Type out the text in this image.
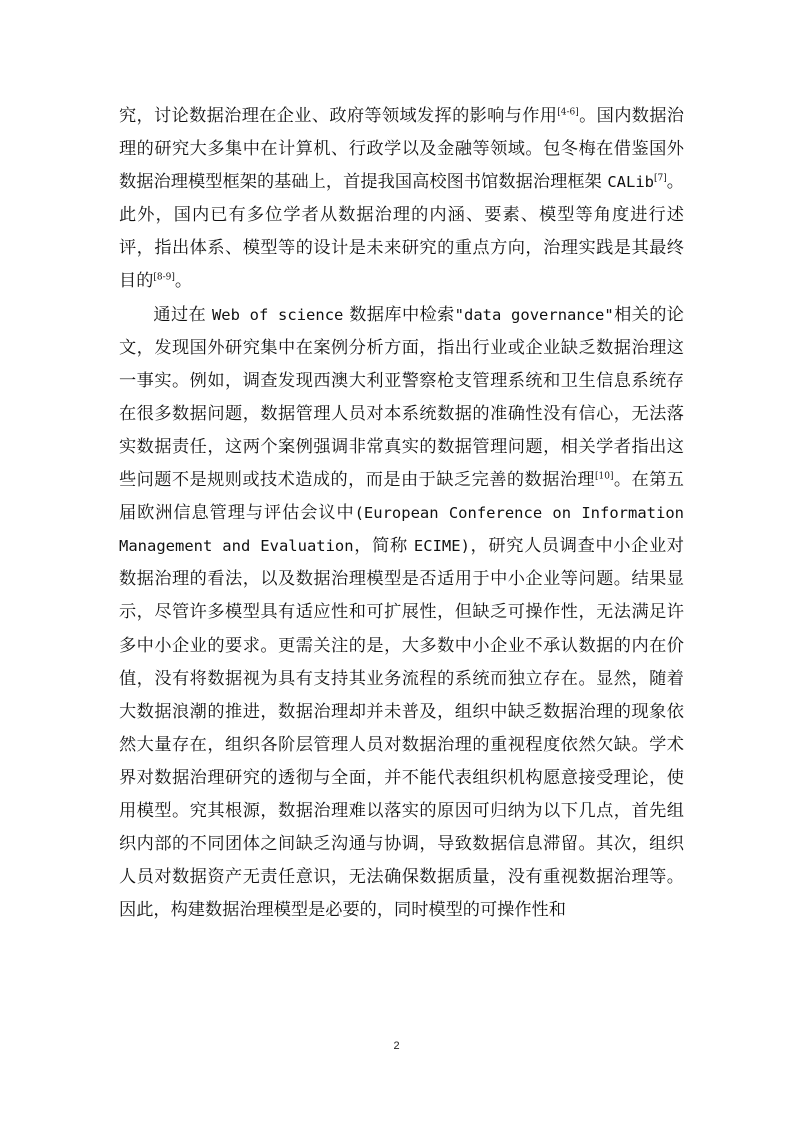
究，讨论数据治理在企业、政府等领域发挥的影响与作用[4-6]。国内数据治理的研究大多集中在计算机、行政学以及金融等领域。包冬梅在借鉴国外数据治理模型框架的基础上，首提我国高校图书馆数据治理框架 CALib[7]。此外，国内已有多位学者从数据治理的内涵、要素、模型等角度进行述评，指出体系、模型等的设计是未来研究的重点方向，治理实践是其最终目的[8-9]。

通过在 Web of science 数据库中检索"data governance"相关的论文，发现国外研究集中在案例分析方面，指出行业或企业缺乏数据治理这一事实。例如，调查发现西澳大利亚警察枪支管理系统和卫生信息系统存在很多数据问题，数据管理人员对本系统数据的准确性没有信心，无法落实数据责任，这两个案例强调非常真实的数据管理问题，相关学者指出这些问题不是规则或技术造成的，而是由于缺乏完善的数据治理[10]。在第五届欧洲信息管理与评估会议中(European Conference on Information Management and Evaluation，简称 ECIME)，研究人员调查中小企业对数据治理的看法，以及数据治理模型是否适用于中小企业等问题。结果显示，尽管许多模型具有适应性和可扩展性，但缺乏可操作性，无法满足许多中小企业的要求。更需关注的是，大多数中小企业不承认数据的内在价值，没有将数据视为具有支持其业务流程的系统而独立存在。显然，随着大数据浪潮的推进，数据治理却并未普及，组织中缺乏数据治理的现象依然大量存在，组织各阶层管理人员对数据治理的重视程度依然欠缺。学术界对数据治理研究的透彻与全面，并不能代表组织机构愿意接受理论，使用模型。究其根源，数据治理难以落实的原因可归纳为以下几点，首先组织内部的不同团体之间缺乏沟通与协调，导致数据信息滞留。其次，组织人员对数据资产无责任意识，无法确保数据质量，没有重视数据治理等。因此，构建数据治理模型是必要的，同时模型的可操作性和

2
